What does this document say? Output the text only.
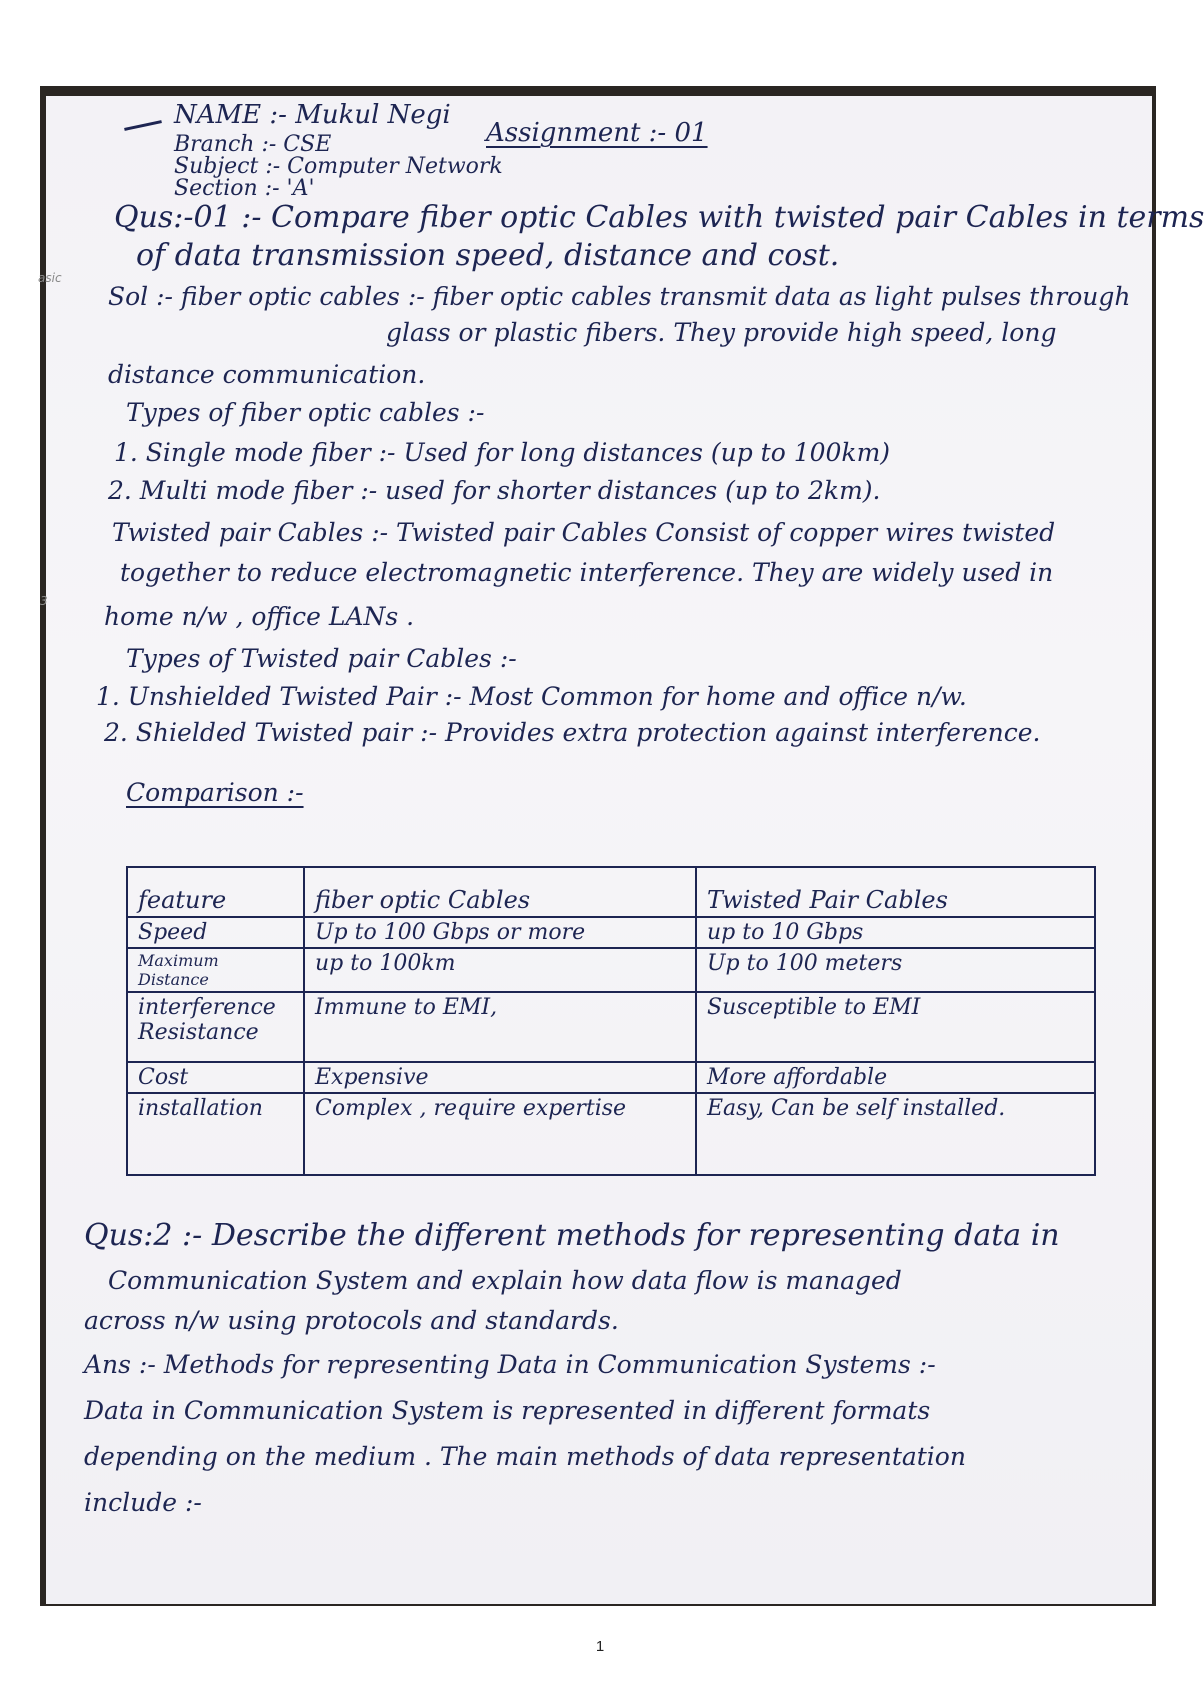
asic
3
NAME :- Mukul Negi
Branch :- CSE
Subject :- Computer Network
Section :- 'A'
Assignment :- 01
Qus:-01 :- Compare fiber optic Cables with twisted pair Cables in terms
of data transmission speed, distance and cost.
Sol :- fiber optic cables :- fiber optic cables transmit data as light pulses through
glass or plastic fibers. They provide high speed, long
distance communication.
Types of fiber optic cables :-
1. Single mode fiber :- Used for long distances (up to 100km)
2. Multi mode fiber :- used for shorter distances (up to 2km).
Twisted pair Cables :- Twisted pair Cables Consist of copper wires twisted
together to reduce electromagnetic interference. They are widely used in
home n/w , office LANs .
Types of Twisted pair Cables :-
1. Unshielded Twisted Pair :- Most Common for home and office n/w.
2. Shielded Twisted pair :- Provides extra protection against interference.
Comparison :-
feature	fiber optic Cables	Twisted Pair Cables
Speed	Up to 100 Gbps or more	up to 10 Gbps
Maximum Distance	up to 100km	Up to 100 meters
interference Resistance	Immune to EMI,	Susceptible to EMI
Cost	Expensive	More affordable
installation	Complex , require expertise	Easy, Can be self installed.
Qus:2 :- Describe the different methods for representing data in
Communication System and explain how data flow is managed
across n/w using protocols and standards.
Ans :- Methods for representing Data in Communication Systems :-
Data in Communication System is represented in different formats
depending on the medium . The main methods of data representation
include :-
1
